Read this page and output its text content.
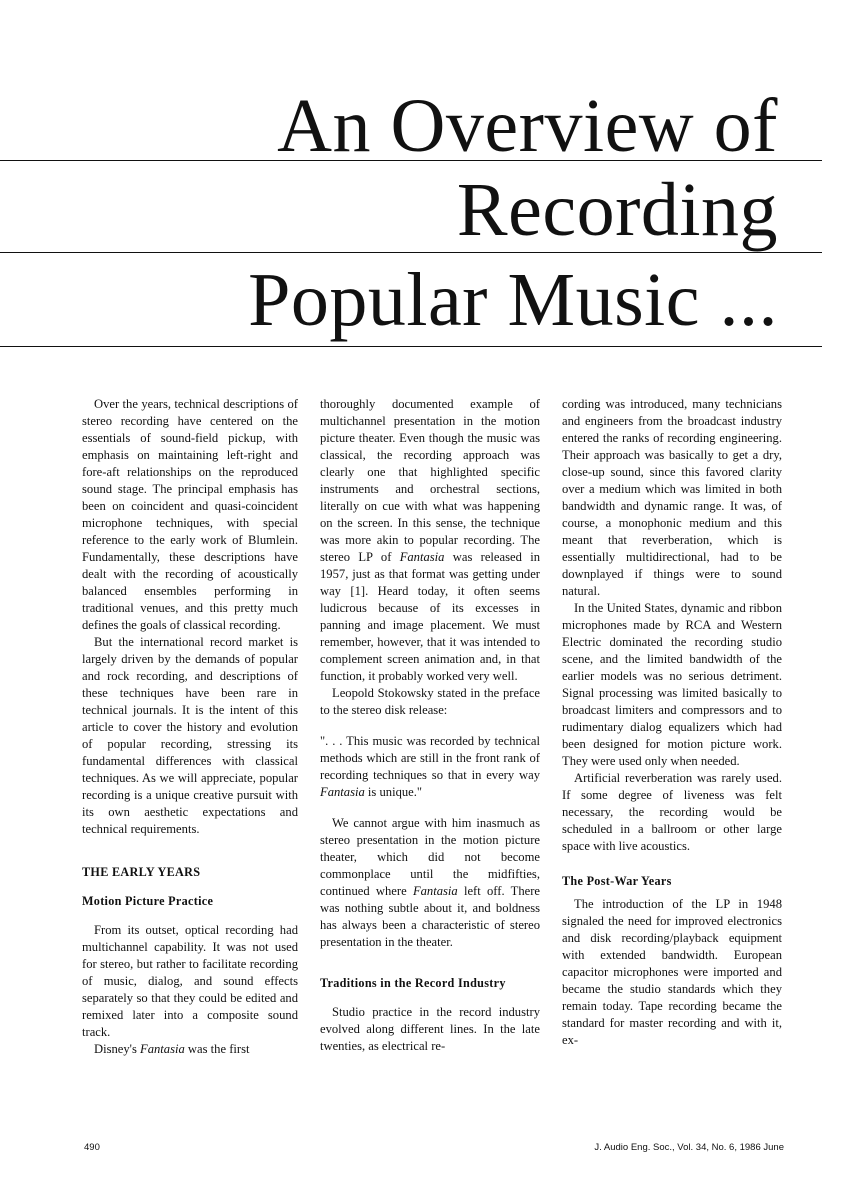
An Overview of
Recording
Popular Music ...

Over the years, technical descriptions of stereo recording have centered on the essentials of sound-field pickup, with emphasis on maintaining left-right and fore-aft relationships on the reproduced sound stage. The principal emphasis has been on coincident and quasi-coincident microphone techniques, with special reference to the early work of Blumlein. Fundamentally, these descriptions have dealt with the recording of acoustically balanced ensembles performing in traditional venues, and this pretty much defines the goals of classical recording.

But the international record market is largely driven by the demands of popular and rock recording, and descriptions of these techniques have been rare in technical journals. It is the intent of this article to cover the history and evolution of popular recording, stressing its fundamental differences with classical techniques. As we will appreciate, popular recording is a unique creative pursuit with its own aesthetic expectations and technical requirements.

THE EARLY YEARS
Motion Picture Practice

From its outset, optical recording had multichannel capability. It was not used for stereo, but rather to facilitate recording of music, dialog, and sound effects separately so that they could be edited and remixed later into a composite sound track.

Disney's Fantasia was the first

thoroughly documented example of multichannel presentation in the motion picture theater. Even though the music was classical, the recording approach was clearly one that highlighted specific instruments and orchestral sections, literally on cue with what was happening on the screen. In this sense, the technique was more akin to popular recording. The stereo LP of Fantasia was released in 1957, just as that format was getting under way [1]. Heard today, it often seems ludicrous because of its excesses in panning and image placement. We must remember, however, that it was intended to complement screen animation and, in that function, it probably worked very well.

Leopold Stokowsky stated in the preface to the stereo disk release:

". . . This music was recorded by technical methods which are still in the front rank of recording techniques so that in every way Fantasia is unique."

We cannot argue with him inasmuch as stereo presentation in the motion picture theater, which did not become commonplace until the midfifties, continued where Fantasia left off. There was nothing subtle about it, and boldness has always been a characteristic of stereo presentation in the theater.

Traditions in the Record Industry

Studio practice in the record industry evolved along different lines. In the late twenties, as electrical re-

cording was introduced, many technicians and engineers from the broadcast industry entered the ranks of recording engineering. Their approach was basically to get a dry, close-up sound, since this favored clarity over a medium which was limited in both bandwidth and dynamic range. It was, of course, a monophonic medium and this meant that reverberation, which is essentially multidirectional, had to be downplayed if things were to sound natural.

In the United States, dynamic and ribbon microphones made by RCA and Western Electric dominated the recording studio scene, and the limited bandwidth of the earlier models was no serious detriment. Signal processing was limited basically to broadcast limiters and compressors and to rudimentary dialog equalizers which had been designed for motion picture work. They were used only when needed.

Artificial reverberation was rarely used. If some degree of liveness was felt necessary, the recording would be scheduled in a ballroom or other large space with live acoustics.

The Post-War Years

The introduction of the LP in 1948 signaled the need for improved electronics and disk recording/playback equipment with extended bandwidth. European capacitor microphones were imported and became the studio standards which they remain today. Tape recording became the standard for master recording and with it, ex-

490	J. Audio Eng. Soc., Vol. 34, No. 6, 1986 June
